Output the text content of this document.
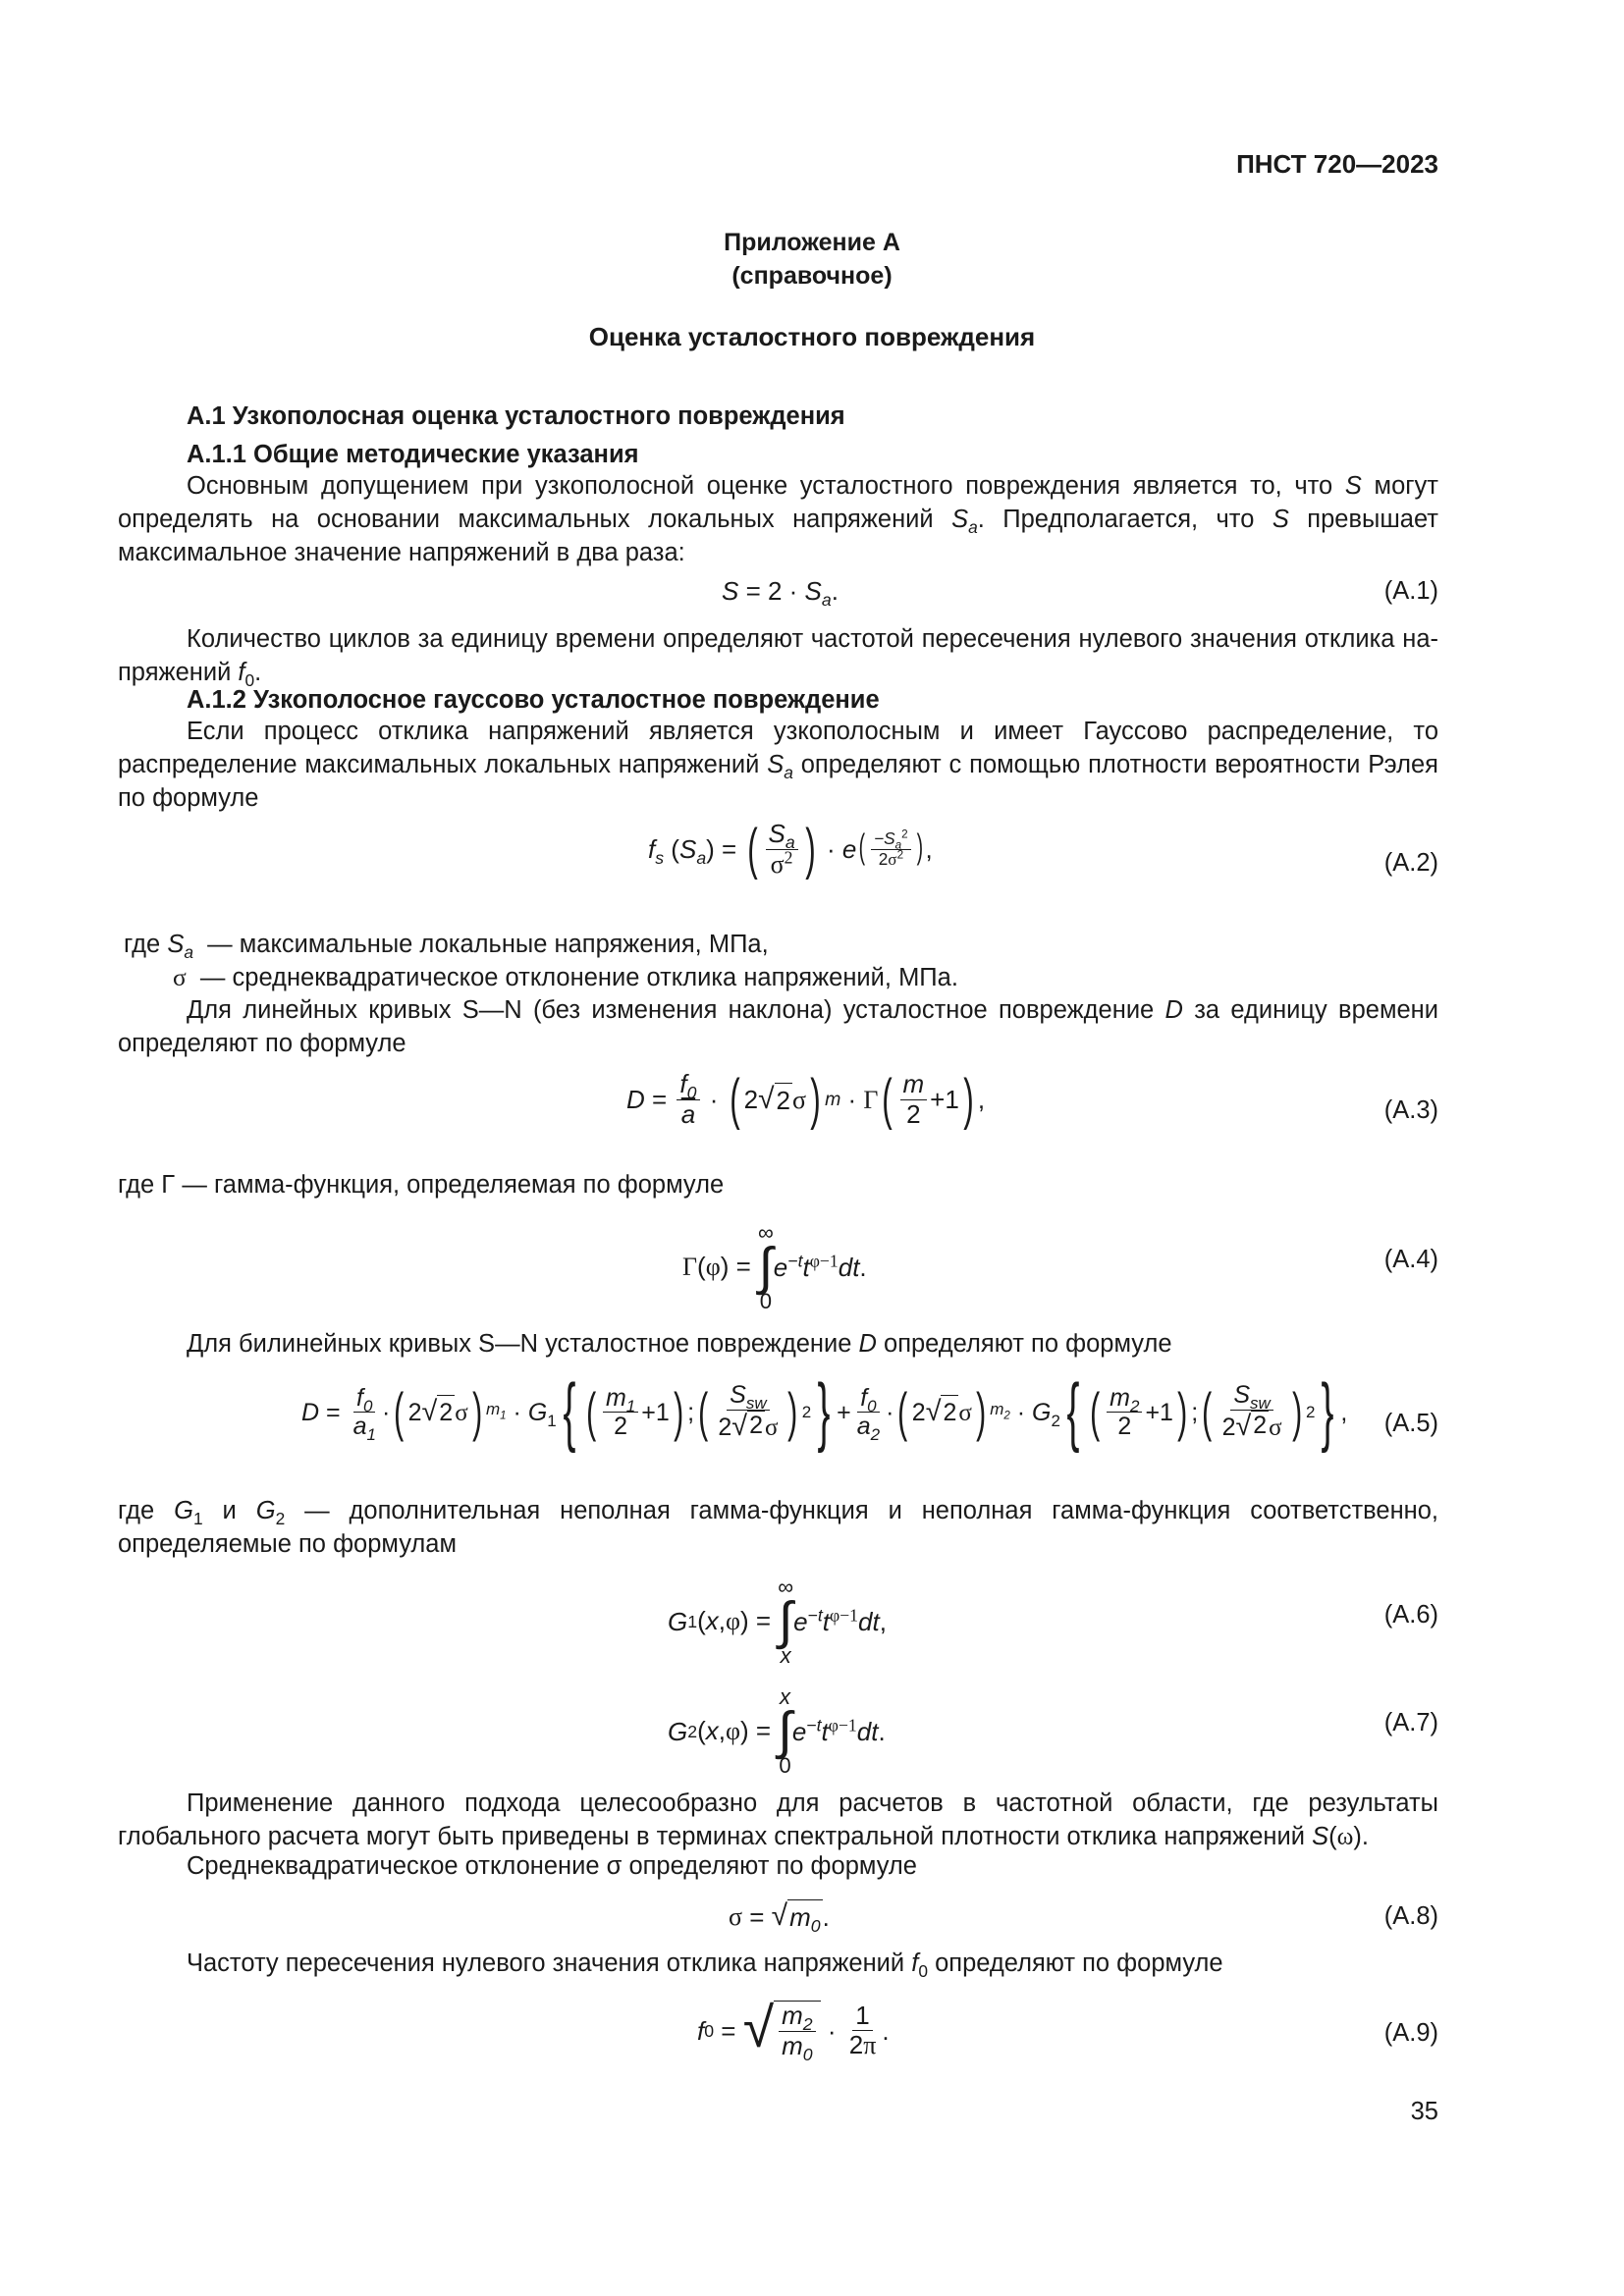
ПНСТ 720—2023
Приложение А
(справочное)
Оценка усталостного повреждения
А.1 Узкополосная оценка усталостного повреждения
А.1.1 Общие методические указания
Основным допущением при узкополосной оценке усталостного повреждения является то, что S могут определять на основании максимальных локальных напряжений $S_a$. Предполагается, что S превышает максимальное значение напряжений в два раза:
$S = 2 \cdot S_a$ .	(A.1)
Количество циклов за единицу времени определяют частотой пересечения нулевого значения отклика напряжений $f_0$.
А.1.2 Узкополосное гауссово усталостное повреждение
Если процесс отклика напряжений является узкополосным и имеет Гауссово распределение, то распределение максимальных локальных напряжений $S_a$ определяют с помощью плотности вероятности Рэлея по формуле
$f_s$ ( $S_a$ ) = ( $\frac{S_a}{\sigma^2}$ ) · e ( $\frac{-S_a^2}{2\sigma^2}$ ) ,	(A.2)
где $S_a$ — максимальные локальные напряжения, МПа,
σ — среднеквадратическое отклонение отклика напряжений, МПа.
Для линейных кривых S—N (без изменения наклона) усталостное повреждение D за единицу времени определяют по формуле
$D = \frac{f_0}{a}$ · ( 2 √ 2 σ ) m · Γ ( $\frac{m}{2} +1$ ) ,	(A.3)
где Γ — гамма-функция, определяемая по формуле
Γ (φ) =
∞
∫
0
$e^{-t}t^{\varphi-1}dt$ .	(A.4)
Для билинейных кривых S—N усталостное повреждение D определяют по формуле
$D = \frac{f_0}{a_1}$ · ( 2 √ 2 σ ) $m_1 \cdot G_1$ { ( $\frac{m_1}{2} +1$ ) ; ( $\frac{S_{sw}}{2 √ 2 \sigma}$ ) 2 } + $\frac{f_0}{a_2}$ · ( 2 √ 2 σ ) $m_2 \cdot G_2$ { ( $\frac{m_2}{2} +1$ ) ; ( $\frac{S_{sw}}{2 √ 2 \sigma}$ ) 2 } , (A.5)
где $G_1$ и $G_2$ — дополнительная неполная гамма-функция и неполная гамма-функция соответственно, определяемые по формулам
G 1 (x,φ) =
∞
∫
x
$e^{-t}t^{\varphi-1}dt$ ,	(A.6)
G 2 (x,φ) =
x
∫
0
$e^{-t}t^{\varphi-1}dt$ .	(A.7)
Применение данного подхода целесообразно для расчетов в частотной области, где результаты глобального расчета могут быть приведены в терминах спектральной плотности отклика напряжений S(ω).
Среднеквадратическое отклонение σ определяют по формуле
σ = √ $m_0$ .	(A.8)
Частоту пересечения нулевого значения отклика напряжений $f_0$ определяют по формуле
f 0 = √ $\frac{m_2}{m_0} \cdot \frac{1}{2\pi}$ .	(A.9)
35
